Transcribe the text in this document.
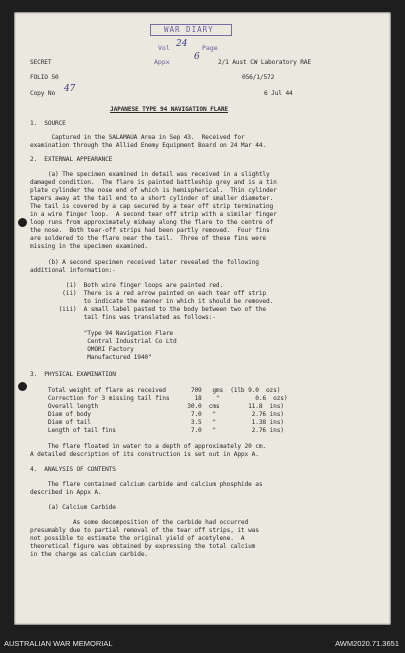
WAR DIARY
Vol 24 Page
Appx	6
SECRET	2/1 Aust CW Laboratory RAE
FOLIO 50	056/1/572
Copy No 47	6 Jul 44
JAPANESE TYPE 94 NAVIGATION FLARE
1.  SOURCE
Captured in the SALAMAUA Area in Sep 43.  Received for
examination through the Allied Enemy Equipment Board on 24 Mar 44.
2.  EXTERNAL APPEARANCE
(a) The specimen examined in detail was received in a slightly
damaged condition.  The flare is painted battleship grey and is a tin
plate cylinder the nose end of which is hemispherical.  Thin cylinder
tapers away at the tail end to a short cylinder of smaller diameter.
The tail is covered by a cap secured by a tear off strip terminating
in a wire finger loop.  A second tear off strip with a similar finger
loop runs from approximately midway along the flare to the centre of
the nose.  Both tear-off strips had been partly removed.  Four fins
are soldered to the flare near the tail.  Three of these fins were
missing in the specimen examined.
(b) A second specimen received later revealed the following
additional information:-
(i)  Both wire finger loops are painted red.
(ii)  There is a red arrow painted on each tear off strip
to indicate the manner in which it should be removed.
(iii)  A small label pasted to the body between two of the
tail fins was translated as follows:-
"Type 94 Navigation Flare
Central Industrial Co Ltd
OMORI Factory
Manufactured 1940"
3.  PHYSICAL EXAMINATION
Total weight of flare as received       709   gms  (1lb 9.0  ozs)
Correction for 3 missing tail fins       18    "          0.6  ozs)
Overall length                         30.0  cms        11.8  ins)
Diam of body                            7.0   "          2.76 ins)
Diam of tail                            3.5   "          1.38 ins)
Length of tail fins                     7.0   "          2.76 ins)
The flare floated in water to a depth of approximately 20 cm.
A detailed description of its construction is set out in Appx A.
4.  ANALYSIS OF CONTENTS
The flare contained calcium carbide and calcium phosphide as
described in Appx A.
(a) Calcium Carbide
As some decomposition of the carbide had occurred
presumably due to partial removal of the tear off strips, it was
not possible to estimate the original yield of acetylene.  A
theoretical figure was obtained by expressing the total calcium
in the charge as calcium carbide.
AUSTRALIAN WAR MEMORIAL	AWM2020.71.3651
